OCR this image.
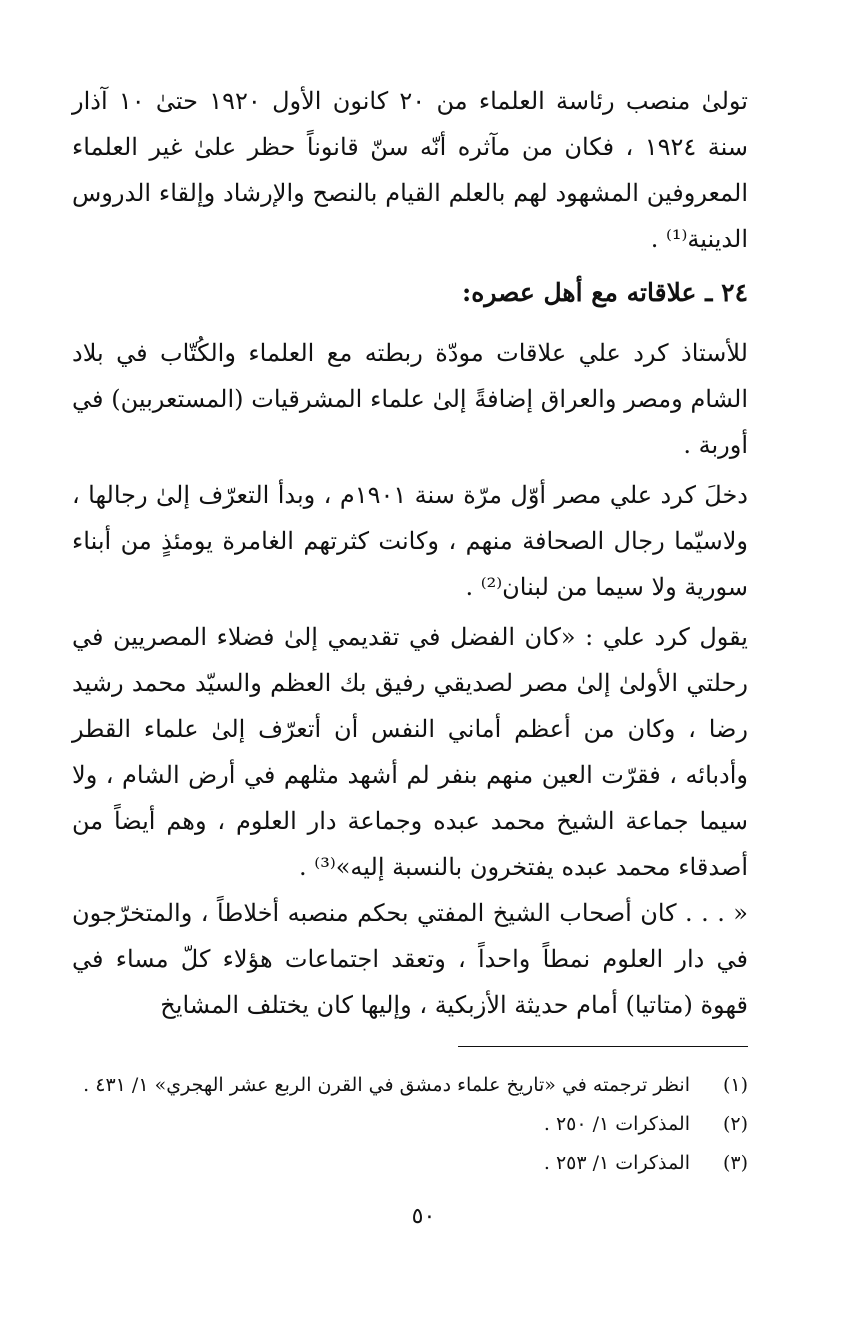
تولىٰ منصب رئاسة العلماء من ٢٠ كانون الأول ١٩٢٠ حتىٰ ١٠ آذار سنة ١٩٢٤ ، فكان من مآثره أنّه سنّ قانوناً حظر علىٰ غير العلماء المعروفين المشهود لهم بالعلم القيام بالنصح والإرشاد وإلقاء الدروس الدينية⁽¹⁾ .
٢٤ ـ علاقاته مع أهل عصره:
للأستاذ كرد علي علاقات مودّة ربطته مع العلماء والكُتّاب في بلاد الشام ومصر والعراق إضافةً إلىٰ علماء المشرقيات (المستعربين) في أوربة .
دخلَ كرد علي مصر أوّل مرّة سنة ١٩٠١م ، وبدأ التعرّف إلىٰ رجالها ، ولاسيّما رجال الصحافة منهم ، وكانت كثرتهم الغامرة يومئذٍ من أبناء سورية ولا سيما من لبنان⁽²⁾ .
يقول كرد علي : «كان الفضل في تقديمي إلىٰ فضلاء المصريين في رحلتي الأولىٰ إلىٰ مصر لصديقي رفيق بك العظم والسيّد محمد رشيد رضا ، وكان من أعظم أماني النفس أن أتعرّف إلىٰ علماء القطر وأدبائه ، فقرّت العين منهم بنفر لم أشهد مثلهم في أرض الشام ، ولا سيما جماعة الشيخ محمد عبده وجماعة دار العلوم ، وهم أيضاً من أصدقاء محمد عبده يفتخرون بالنسبة إليه»⁽³⁾ .
« . . . كان أصحاب الشيخ المفتي بحكم منصبه أخلاطاً ، والمتخرّجون في دار العلوم نمطاً واحداً ، وتعقد اجتماعات هؤلاء كلّ مساء في قهوة (متاتيا) أمام حديثة الأزبكية ، وإليها كان يختلف المشايخ
(١)
انظر ترجمته في «تاريخ علماء دمشق في القرن الربع عشر الهجري» ١/ ٤٣١ .
(٢)
المذكرات ١/ ٢٥٠ .
(٣)
المذكرات ١/ ٢٥٣ .
٥٠
